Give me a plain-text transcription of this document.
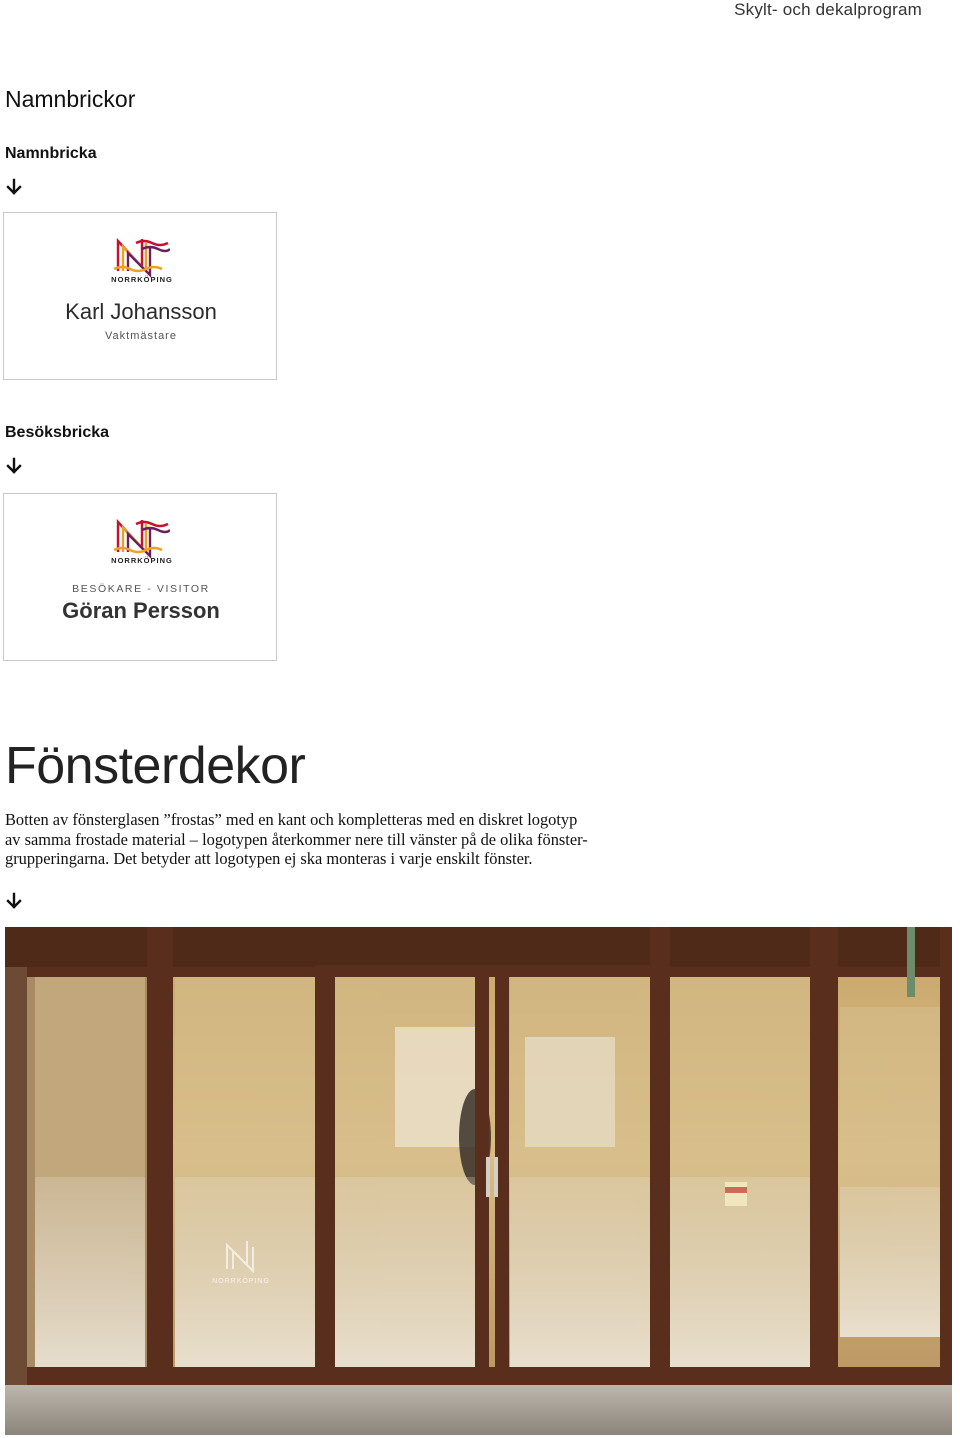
Skylt- och dekalprogram
Namnbrickor
Namnbricka
NORRKÖPING
Karl Johansson
Vaktmästare
Besöksbricka
NORRKÖPING
BESÖKARE - VISITOR
Göran Persson
Fönsterdekor

Botten av fönsterglasen ”frostas” med en kant och kompletteras med en diskret logotyp
av samma frostade material – logotypen återkommer nere till vänster på de olika fönster-
grupperingarna. Det betyder att logotypen ej ska monteras i varje enskilt fönster.

NORRKÖPING
